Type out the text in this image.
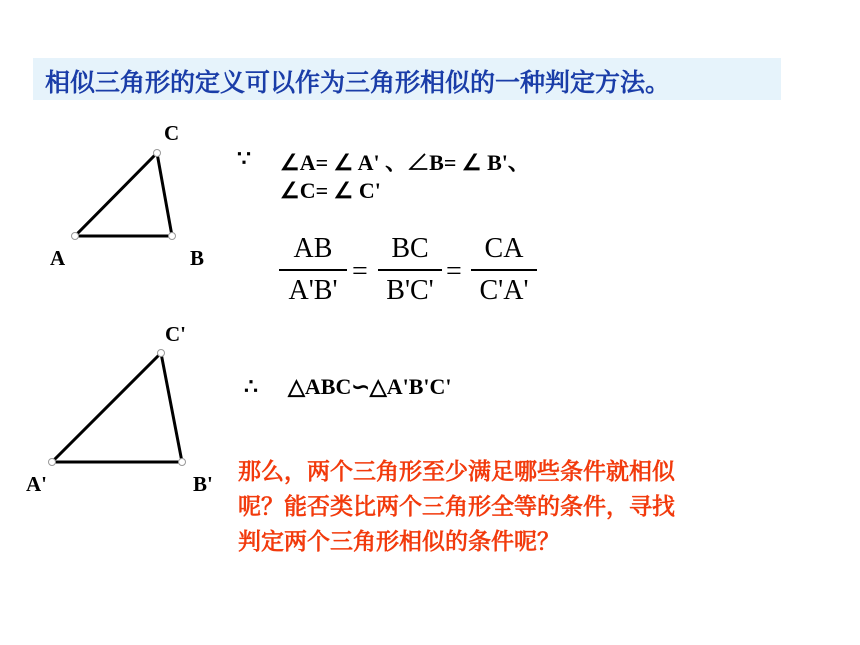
相似三角形的定义可以作为三角形相似的一种判定方法。
C
A	B
C'
A'	B'
∵ ∠A= ∠ A' 、∠B= ∠ B'、
∠C= ∠ C'
AB
A'B'
=
BC
B'C'
=
CA
C'A'
∴ △ABC∽△A'B'C'
那么，两个三角形至少满足哪些条件就相似
呢？能否类比两个三角形全等的条件，寻找
判定两个三角形相似的条件呢？
